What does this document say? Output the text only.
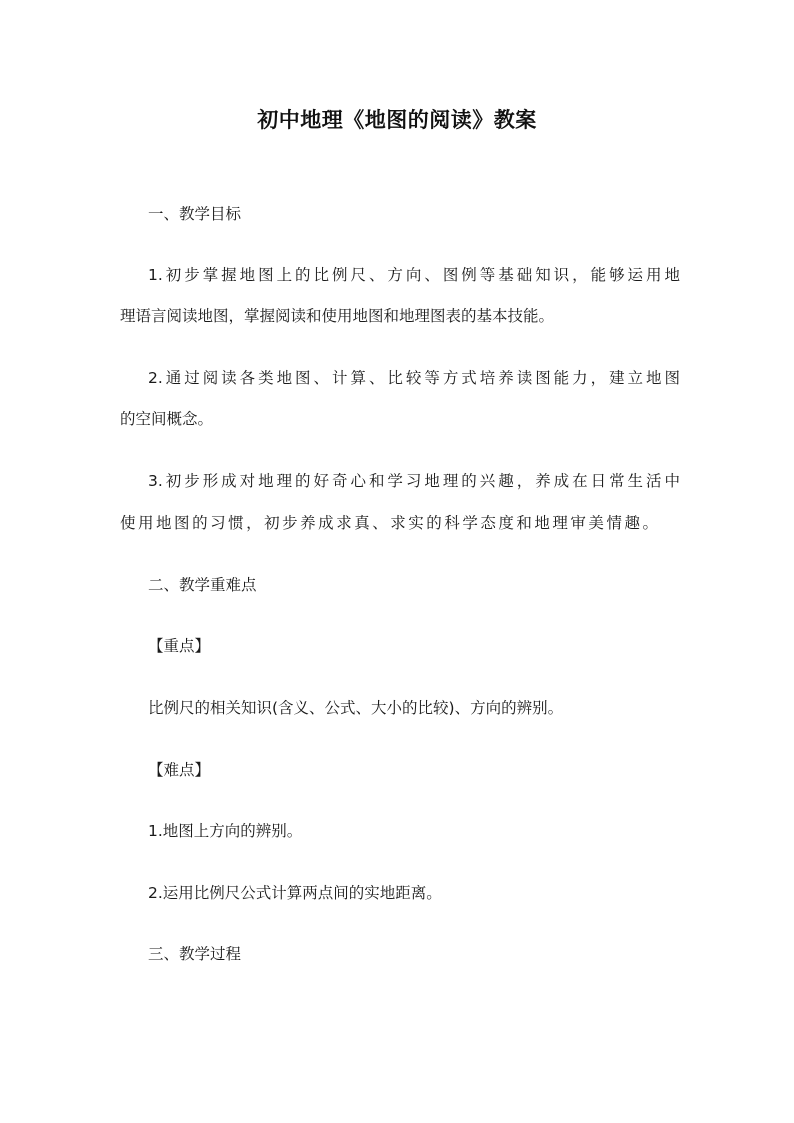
初中地理《地图的阅读》教案
一、教学目标
1.初步掌握地图上的比例尺、方向、图例等基础知识，能够运用地
理语言阅读地图，掌握阅读和使用地图和地理图表的基本技能。
2.通过阅读各类地图、计算、比较等方式培养读图能力，建立地图
的空间概念。
3.初步形成对地理的好奇心和学习地理的兴趣，养成在日常生活中
使用地图的习惯，初步养成求真、求实的科学态度和地理审美情趣。
二、教学重难点
【重点】
比例尺的相关知识(含义、公式、大小的比较)、方向的辨别。
【难点】
1.地图上方向的辨别。
2.运用比例尺公式计算两点间的实地距离。
三、教学过程
